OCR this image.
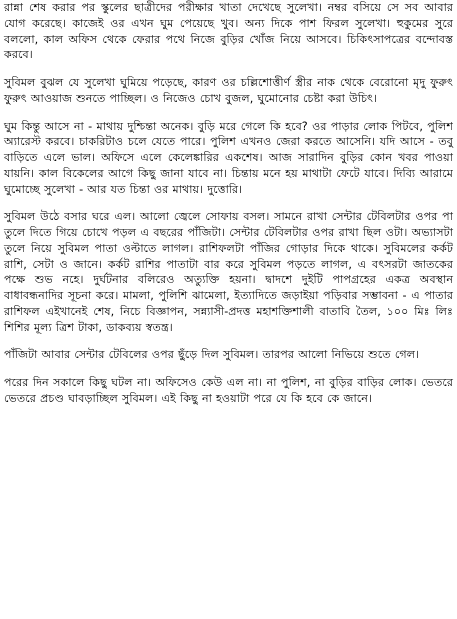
রান্না শেষ করার পর স্কুলের ছাত্রীদের পরীক্ষার খাতা দেখেছে সুলেখা। নম্বর বসিয়ে সে সব আবার যোগ করেছে। কাজেই ওর এখন ঘুম পেয়েছে খুব। অন্য দিকে পাশ ফিরল সুলেখা। হুকুমের সুরে বললো, কাল অফিস থেকে ফেরার পথে নিজে বুড়ির খোঁজ নিয়ে আসবে। চিকিৎসাপত্রের বন্দোবস্ত করবে।

সুবিমল বুঝল যে সুলেখা ঘুমিয়ে পড়েছে, কারণ ওর চল্লিশোত্তীর্ণ স্ত্রীর নাক থেকে বেরোনো মৃদু ফুরুৎ ফুরুৎ আওয়াজ শুনতে পাচ্ছিল। ও নিজেও চোখ বুজল, ঘুমোনোর চেষ্টা করা উচিৎ।

ঘুম কিন্তু আসে না - মাথায় দুশ্চিন্তা অনেক। বুড়ি মরে গেলে কি হবে? ওর পাড়ার লোক পিটবে, পুলিশ অ্যারেস্ট করবে। চাকরিটাও চলে যেতে পারে। পুলিশ এখনও জেরা করতে আসেনি। যদি আসে - তবু বাড়িতে এলে ভাল। অফিসে এলে কেলেঙ্কারির একশেষ। আজ সারাদিন বুড়ির কোন খবর পাওয়া যায়নি। কাল বিকেলের আগে কিছু জানা যাবে না। চিন্তায় মনে হয় মাথাটা ফেটে যাবে। দিব্যি আরামে ঘুমোচ্ছে সুলেখা - আর যত চিন্তা ওর মাথায়। দুত্তোরি।

সুবিমল উঠে বসার ঘরে এল। আলো জ্বেলে সোফায় বসল। সামনে রাখা সেন্টার টেবিলটার ওপর পা তুলে দিতে গিয়ে চোখে পড়ল এ বছরের পাঁজিটা। সেন্টার টেবিলটার ওপর রাখা ছিল ওটা। অভ্যাসটা তুলে নিয়ে সুবিমল পাতা ওল্টাতে লাগল। রাশিফলটা পাঁজির গোড়ার দিকে থাকে। সুবিমলের কর্কট রাশি, সেটা ও জানে। কর্কট রাশির পাতাটা বার করে সুবিমল পড়তে লাগল, এ বৎসরটা জাতকের পক্ষে শুভ নহে। দুর্ঘটনার বলিরেও অত্যুক্তি হয়না। দ্বাদশে দুইটি পাপগ্রহের একত্র অবস্থান বাধাবন্ধনাদির সূচনা করে। মামলা, পুলিশি ঝামেলা, ইত্যাদিতে জড়াইয়া পড়িবার সম্ভাবনা - এ পাতার রাশিফল এইখানেই শেষ, নিচে বিজ্ঞাপন, সন্ন্যাসী-প্রদত্ত মহাশক্তিশালী বাতাবি তৈল, ১০০ মিঃ লিঃ শিশির মূল্য ত্রিশ টাকা, ডাকব্যয় স্বতন্ত্র।

পাঁজিটা আবার সেন্টার টেবিলের ওপর ছুঁড়ে দিল সুবিমল। তারপর আলো নিভিয়ে শুতে গেল।

পরের দিন সকালে কিছু ঘটল না। অফিসেও কেউ এল না। না পুলিশ, না বুড়ির বাড়ির লোক। ভেতরে ভেতরে প্রচণ্ড ঘাবড়াচ্ছিল সুবিমল। এই কিছু না হওয়াটা পরে যে কি হবে কে জানে।
